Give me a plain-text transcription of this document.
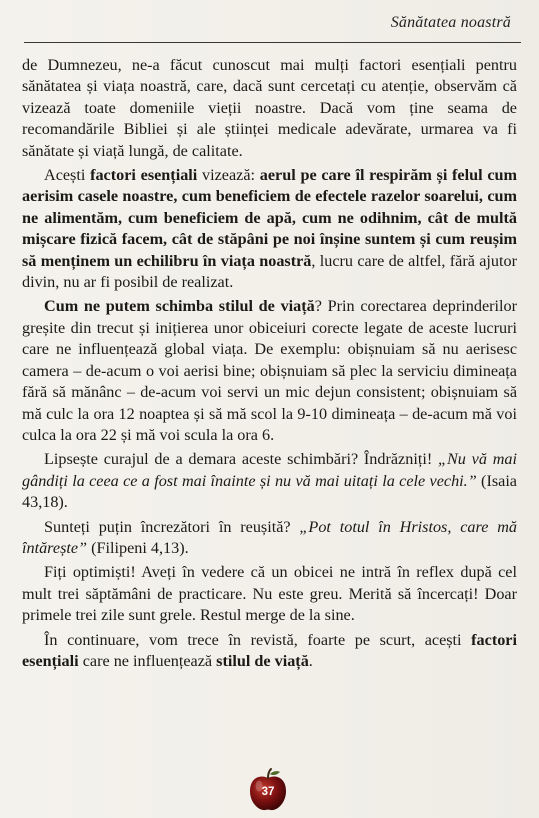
Sănătatea noastră

de Dumnezeu, ne-a făcut cunoscut mai mulți factori esențiali pentru sănătatea și viața noastră, care, dacă sunt cercetați cu atenție, observăm că vizează toate domeniile vieții noastre. Dacă vom ține seama de recomandările Bibliei și ale științei medicale adevărate, urmarea va fi sănătate și viață lungă, de calitate.

Acești factori esențiali vizează: aerul pe care îl respirăm și felul cum aerisim casele noastre, cum beneficiem de efectele razelor soarelui, cum ne alimentăm, cum beneficiem de apă, cum ne odihnim, cât de multă mișcare fizică facem, cât de stăpâni pe noi înșine suntem și cum reușim să menținem un echilibru în viața noastră, lucru care de altfel, fără ajutor divin, nu ar fi posibil de realizat.

Cum ne putem schimba stilul de viață? Prin corectarea deprinderilor greșite din trecut și inițierea unor obiceiuri corecte legate de aceste lucruri care ne influențează global viața. De exemplu: obișnuiam să nu aerisesc camera – de-acum o voi aerisi bine; obișnuiam să plec la serviciu dimineața fără să mănânc – de-acum voi servi un mic dejun consistent; obișnuiam să mă culc la ora 12 noaptea și să mă scol la 9-10 dimineața – de-acum mă voi culca la ora 22 și mă voi scula la ora 6.

Lipsește curajul de a demara aceste schimbări? Îndrăzniți! „Nu vă mai gândiți la ceea ce a fost mai înainte și nu vă mai uitați la cele vechi.” (Isaia 43,18).

Sunteți puțin încrezători în reușită? „Pot totul în Hristos, care mă întărește” (Filipeni 4,13).

Fiți optimiști! Aveți în vedere că un obicei ne intră în reflex după cel mult trei săptămâni de practicare. Nu este greu. Merită să încercați! Doar primele trei zile sunt grele. Restul merge de la sine.

În continuare, vom trece în revistă, foarte pe scurt, acești factori esențiali care ne influențează stilul de viață.

37
